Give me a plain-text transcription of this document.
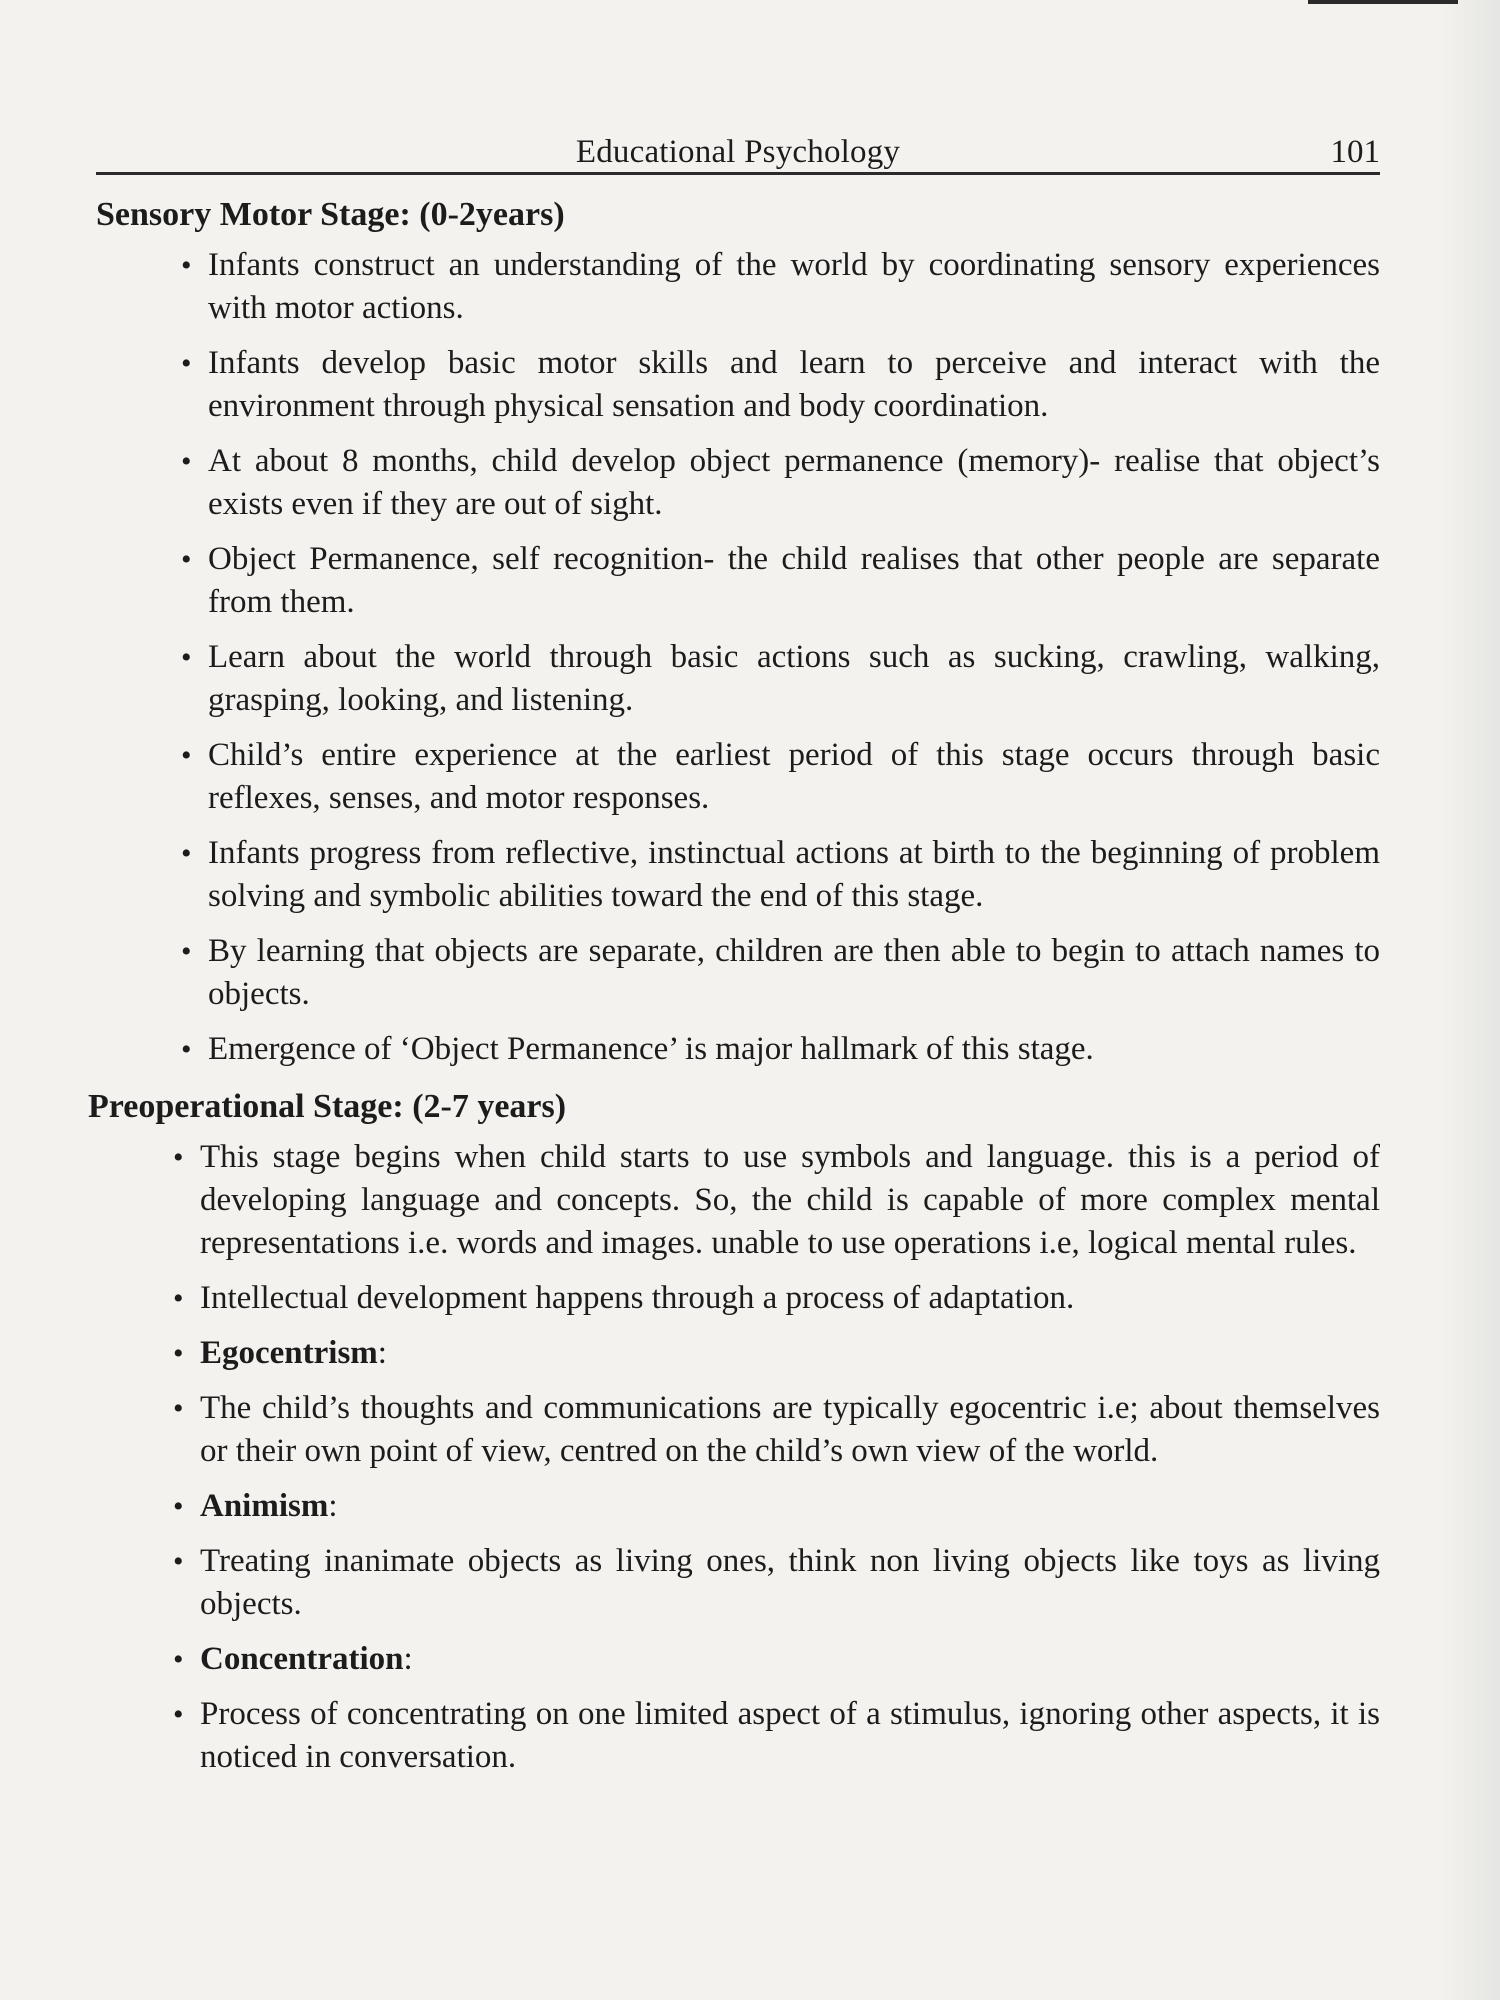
Educational Psychology	101
Sensory Motor Stage: (0-2years)
• Infants construct an understanding of the world by coordinating sensory experiences with motor actions.
• Infants develop basic motor skills and learn to perceive and interact with the environment through physical sensation and body coordination.
• At about 8 months, child develop object permanence (memory)- realise that object’s exists even if they are out of sight.
• Object Permanence, self recognition- the child realises that other people are separate from them.
• Learn about the world through basic actions such as sucking, crawling, walking, grasping, looking, and listening.
• Child’s entire experience at the earliest period of this stage occurs through basic reflexes, senses, and motor responses.
• Infants progress from reflective, instinctual actions at birth to the beginning of problem solving and symbolic abilities toward the end of this stage.
• By learning that objects are separate, children are then able to begin to attach names to objects.
• Emergence of ‘Object Permanence’ is major hallmark of this stage.
Preoperational Stage: (2-7 years)
• This stage begins when child starts to use symbols and language. this is a period of developing language and concepts. So, the child is capable of more complex mental representations i.e. words and images. unable to use operations i.e, logical mental rules.
• Intellectual development happens through a process of adaptation.
• Egocentrism:
• The child’s thoughts and communications are typically egocentric i.e; about themselves or their own point of view, centred on the child’s own view of the world.
• Animism:
• Treating inanimate objects as living ones, think non living objects like toys as living objects.
• Concentration:
• Process of concentrating on one limited aspect of a stimulus, ignoring other aspects, it is noticed in conversation.
